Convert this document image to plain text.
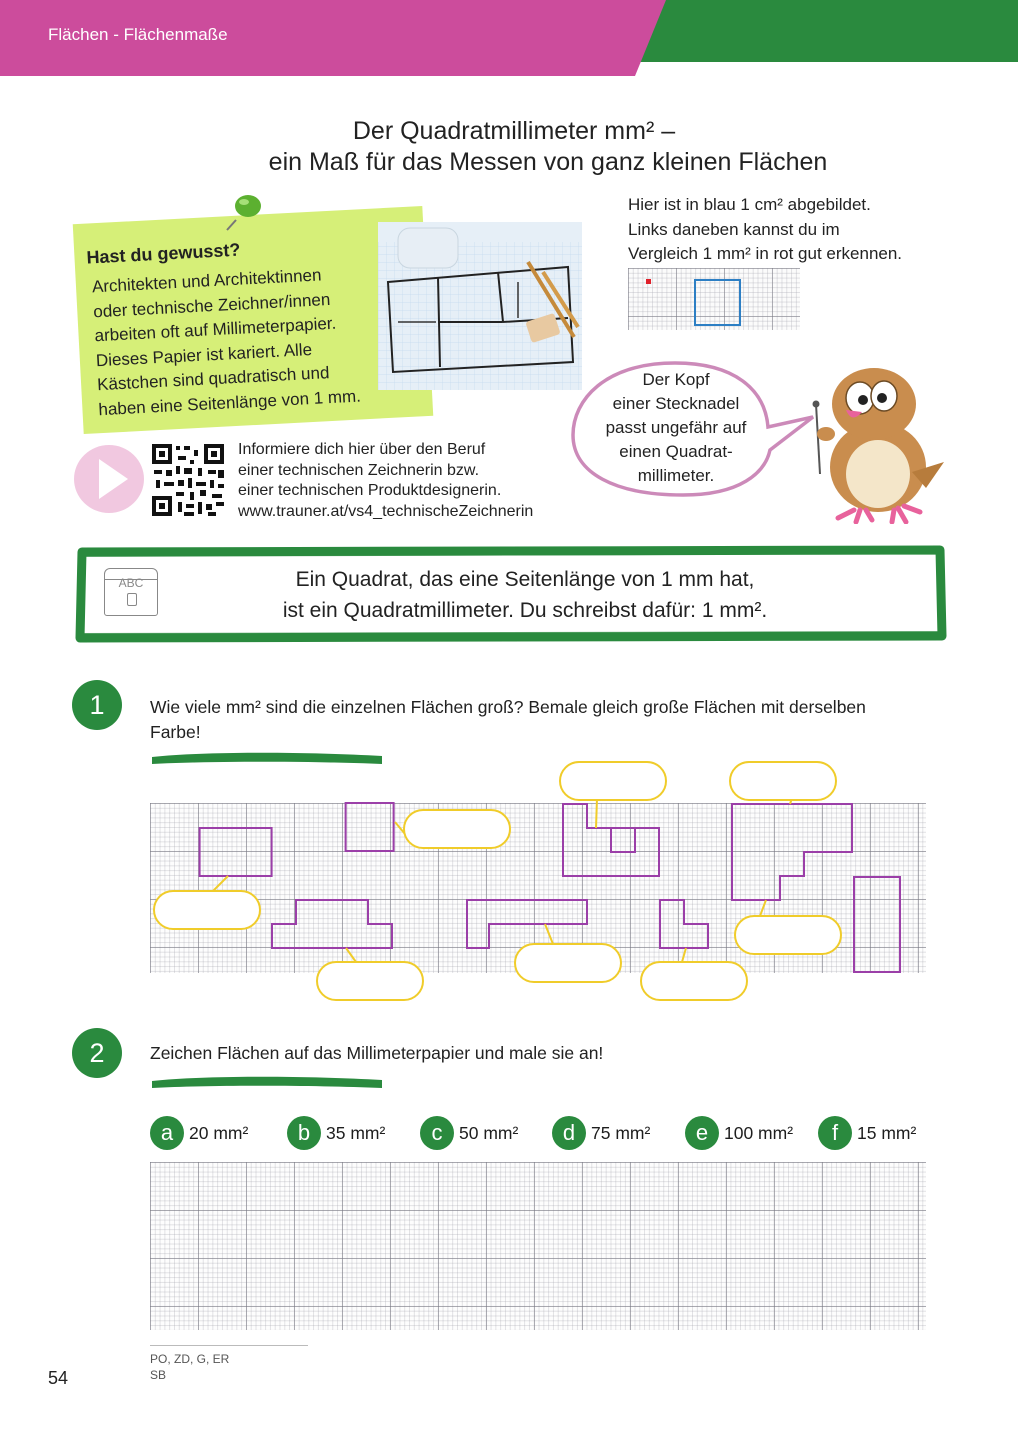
Flächen - Flächenmaße
Der Quadratmillimeter mm² –
ein Maß für das Messen von ganz kleinen Flächen
Hast du gewusst?
Architekten und Architektinnen
oder technische Zeichner/innen
arbeiten oft auf Millimeterpapier.
Dieses Papier ist kariert. Alle
Kästchen sind quadratisch und
haben eine Seitenlänge von 1 mm.
Hier ist in blau 1 cm² abgebildet.
Links daneben kannst du im
Vergleich 1 mm² in rot gut erkennen.
Der Kopf
einer Stecknadel
passt ungefähr auf
einen Quadrat-
millimeter.
Informiere dich hier über den Beruf
einer technischen Zeichnerin bzw.
einer technischen Produktdesignerin.
www.trauner.at/vs4_technischeZeichnerin
ABC	Ein Quadrat, das eine Seitenlänge von 1 mm hat,
ist ein Quadratmillimeter. Du schreibst dafür: 1 mm².
1	Wie viele mm² sind die einzelnen Flächen groß? Bemale gleich große Flächen mit derselben
Farbe!
2	Zeichen Flächen auf das Millimeterpapier und male sie an!
a 20 mm²	b 35 mm²	c 50 mm²	d 75 mm²	e 100 mm²	f	15 mm²
PO, ZD, G, ER
SB
54
